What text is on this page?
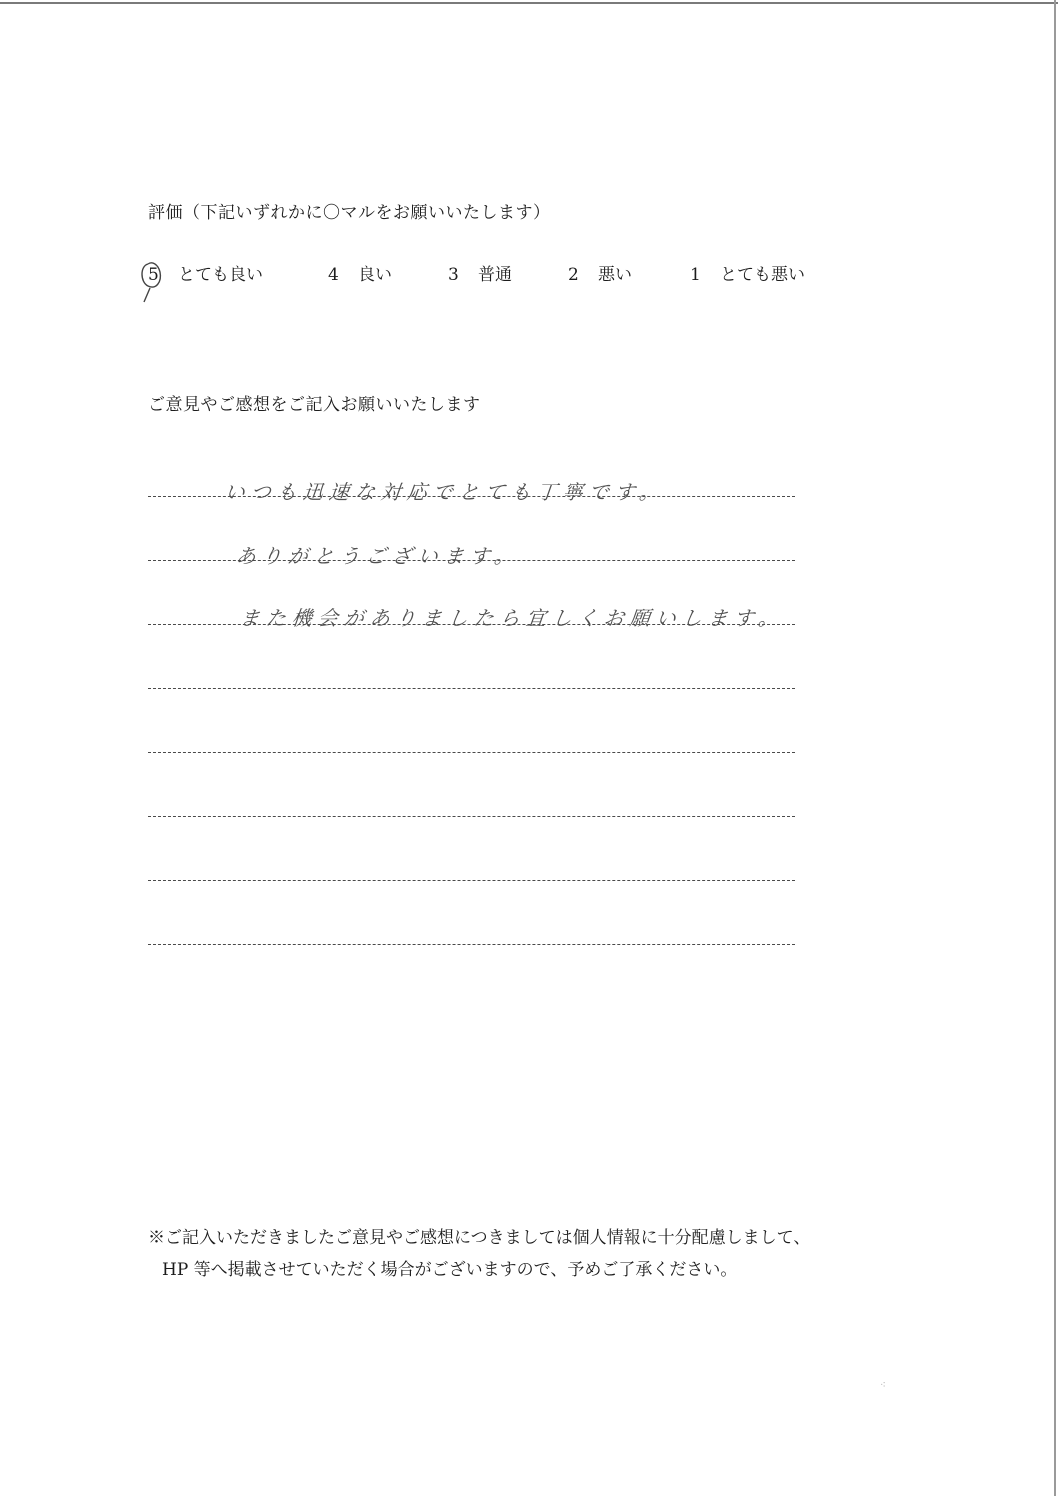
評価（下記いずれかに〇マルをお願いいたします）
5 とても良い	4 良い	3 普通	2 悪い	1 とても悪い
ご意見やご感想をご記入お願いいたします
いつも迅速な対応でとても丁寧です。
ありがとうございます。
また機会がありましたら宜しくお願いします。
※ご記入いただきましたご意見やご感想につきましては個人情報に十分配慮しまして、
HP 等へ掲載させていただく場合がございますので、予めご了承ください。
⁖
